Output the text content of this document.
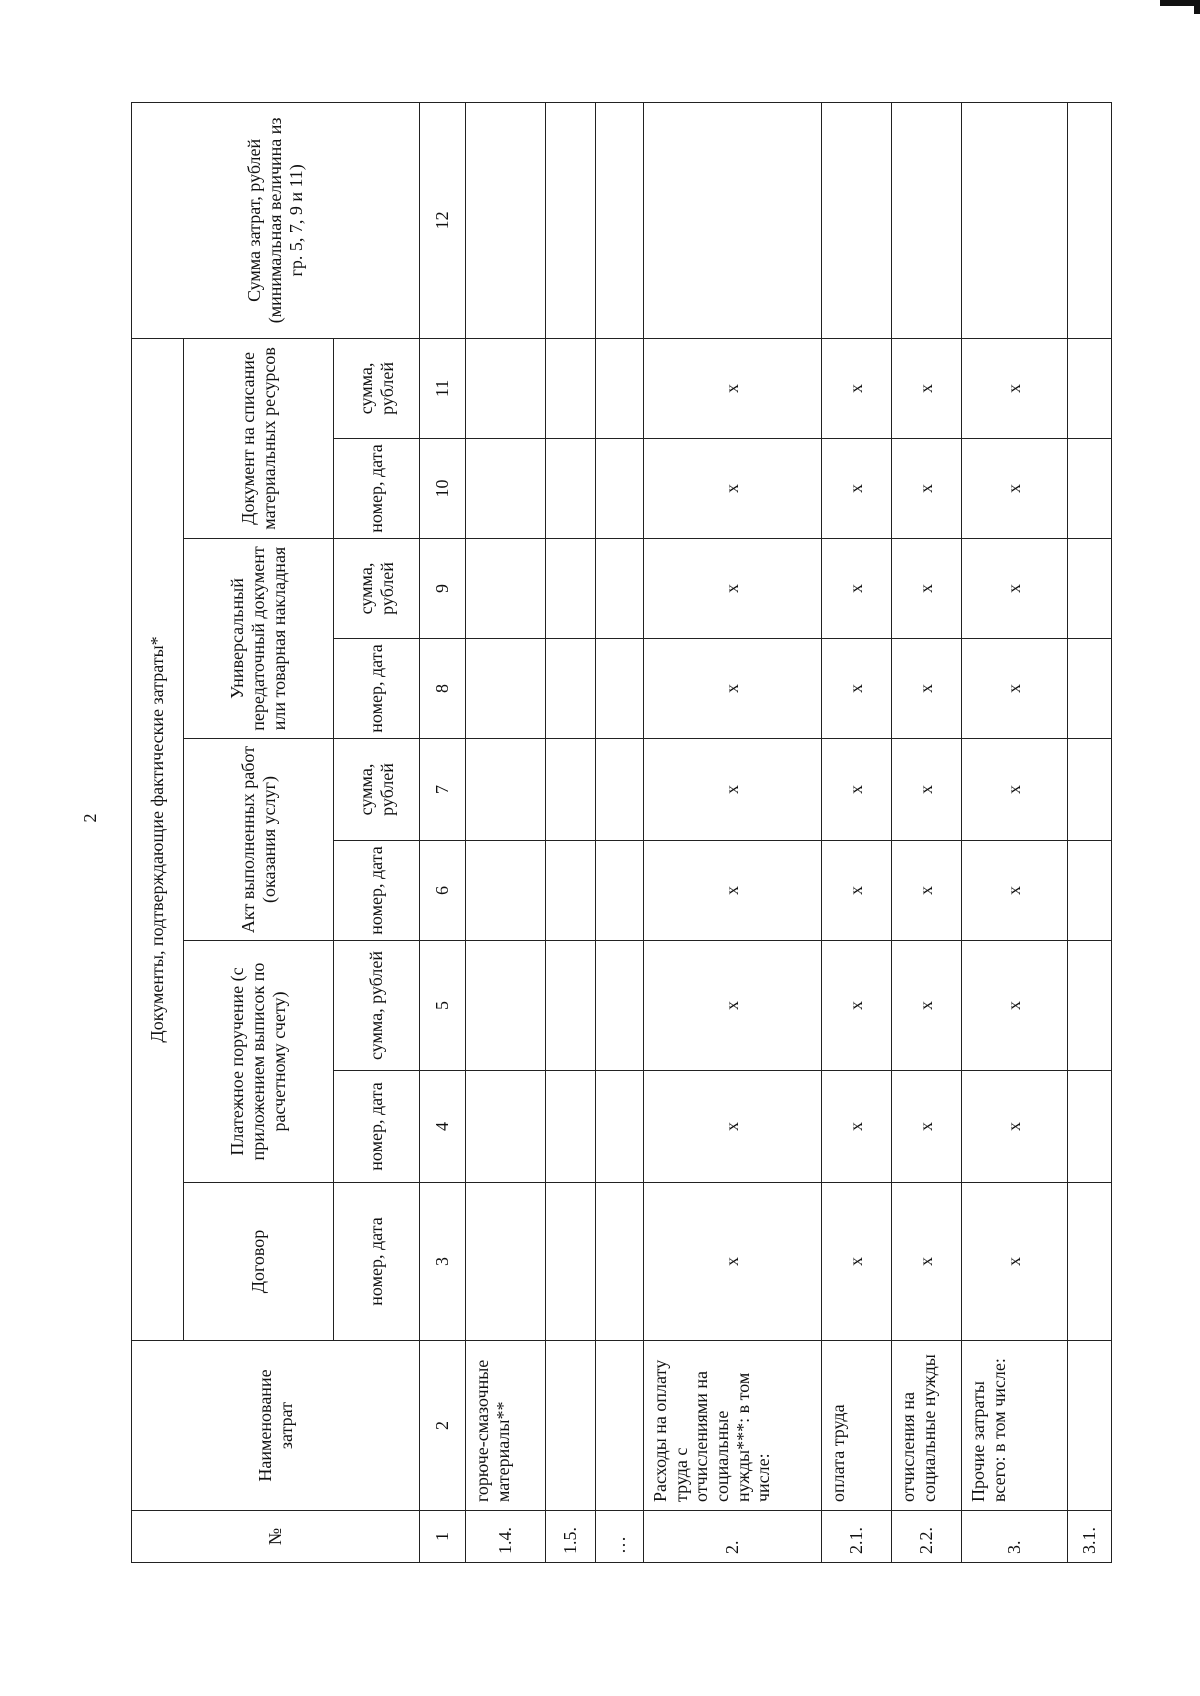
2
№	Наименование затрат	Документы, подтверждающие фактические затраты*									Сумма затрат, рублей (минимальная величина из гр. 5, 7, 9 и 11)
		Договор	Платежное поручение (с приложением выписок по расчетному счету)		Акт выполненных работ (оказания услуг)		Универсальный передаточный документ или товарная накладная		Документ на списание материальных ресурсов		
		номер, дата	номер, дата	сумма, рублей	номер, дата	сумма, рублей	номер, дата	сумма, рублей	номер, дата	сумма, рублей	
1	2	3	4	5	6	7	8	9	10	11	12
1.4.	горюче-смазочные материалы**										
1.5.											
…											
2.	Расходы на оплату труда с отчислениями на социальные нужды***: в том числе:	x	x	x	x	x	x	x	x	x	
2.1.	оплата труда	x	x	x	x	x	x	x	x	x	
2.2.	отчисления на социальные нужды	x	x	x	x	x	x	x	x	x	
3.	Прочие затраты всего: в том числе:	x	x	x	x	x	x	x	x	x	
3.1.											
